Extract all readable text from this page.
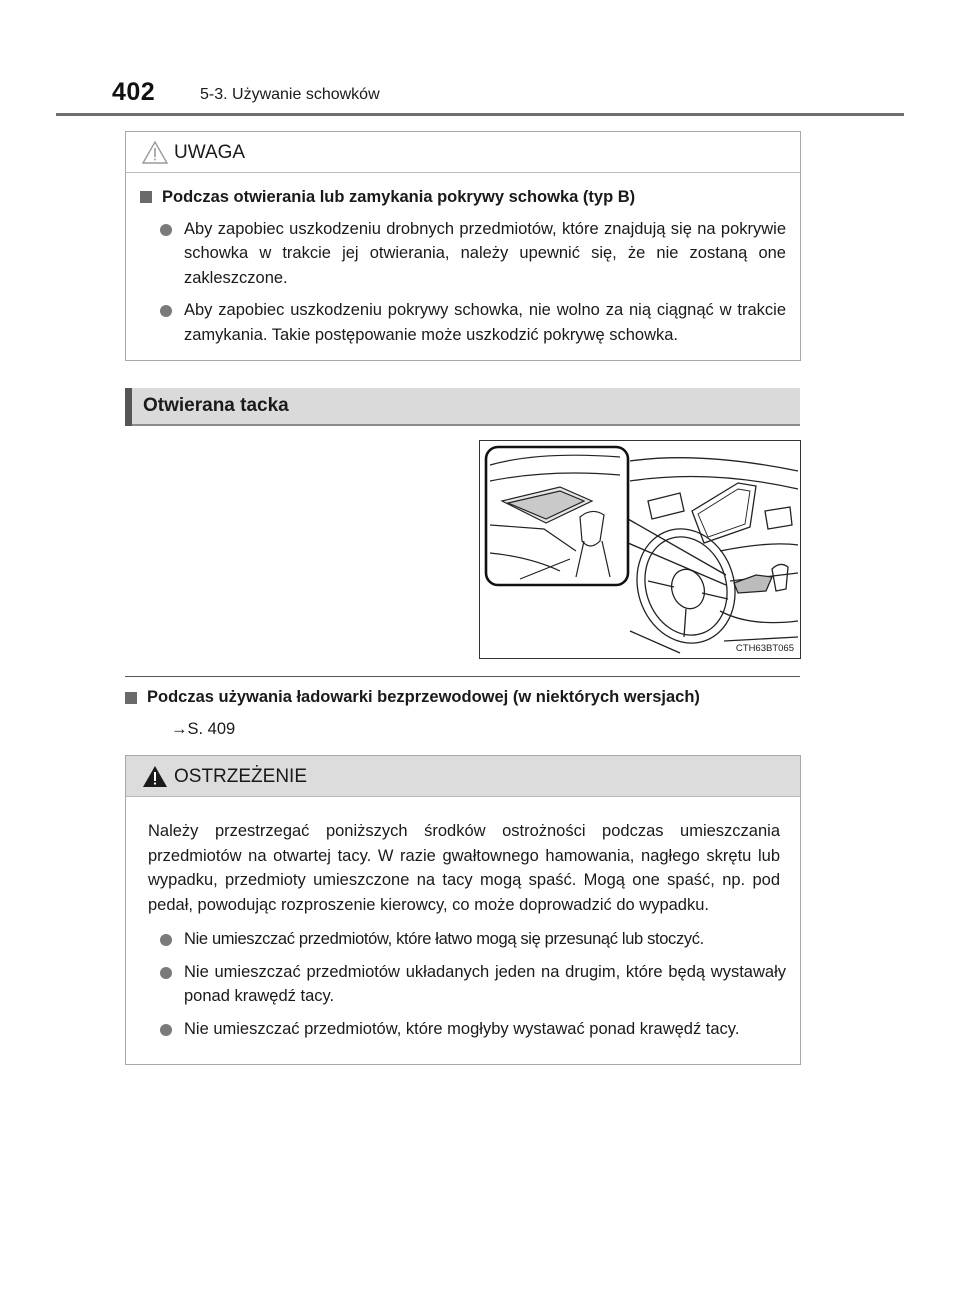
402	5-3. Używanie schowków
UWAGA
Podczas otwierania lub zamykania pokrywy schowka (typ B)
Aby zapobiec uszkodzeniu drobnych przedmiotów, które znajdują się na pokrywie schowka w trakcie jej otwierania, należy upewnić się, że nie zostaną one zakleszczone.
Aby zapobiec uszkodzeniu pokrywy schowka, nie wolno za nią ciągnąć w trakcie zamykania. Takie postępowanie może uszkodzić pokrywę schowka.
Otwierana tacka
CTH63BT065
Podczas używania ładowarki bezprzewodowej (w niektórych wersjach)
→S. 409
OSTRZEŻENIE
Należy przestrzegać poniższych środków ostrożności podczas umieszczania przedmiotów na otwartej tacy. W razie gwałtownego hamowania, nagłego skrętu lub wypadku, przedmioty umieszczone na tacy mogą spaść. Mogą one spaść, np. pod pedał, powodując rozproszenie kierowcy, co może doprowadzić do wypadku.
Nie umieszczać przedmiotów, które łatwo mogą się przesunąć lub stoczyć.
Nie umieszczać przedmiotów układanych jeden na drugim, które będą wystawały ponad krawędź tacy.
Nie umieszczać przedmiotów, które mogłyby wystawać ponad krawędź tacy.
